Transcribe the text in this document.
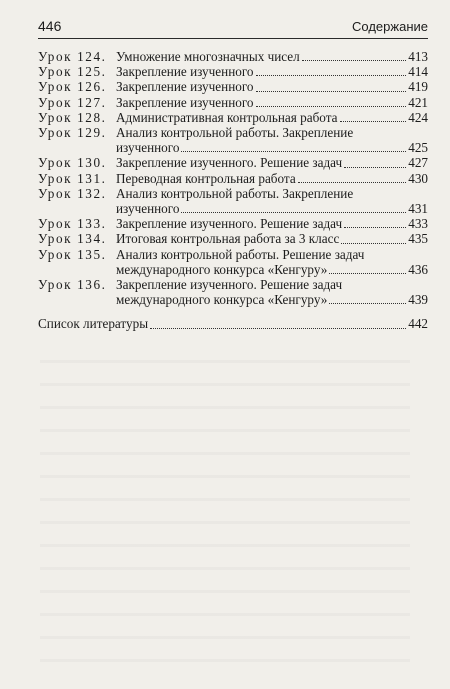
446	Содержание
Урок 124. Умножение многозначных чисел	413
Урок 125. Закрепление изученного	414
Урок 126. Закрепление изученного	419
Урок 127. Закрепление изученного	421
Урок 128. Административная контрольная работа	424
Урок 129. Анализ контрольной работы. Закрепление
изученного	425
Урок 130. Закрепление изученного. Решение задач	427
Урок 131. Переводная контрольная работа	430
Урок 132. Анализ контрольной работы. Закрепление
изученного	431
Урок 133. Закрепление изученного. Решение задач	433
Урок 134. Итоговая контрольная работа за 3 класс	435
Урок 135. Анализ контрольной работы. Решение задач
международного конкурса «Кенгуру»	436
Урок 136. Закрепление изученного. Решение задач
международного конкурса «Кенгуру»	439
Список литературы	442
